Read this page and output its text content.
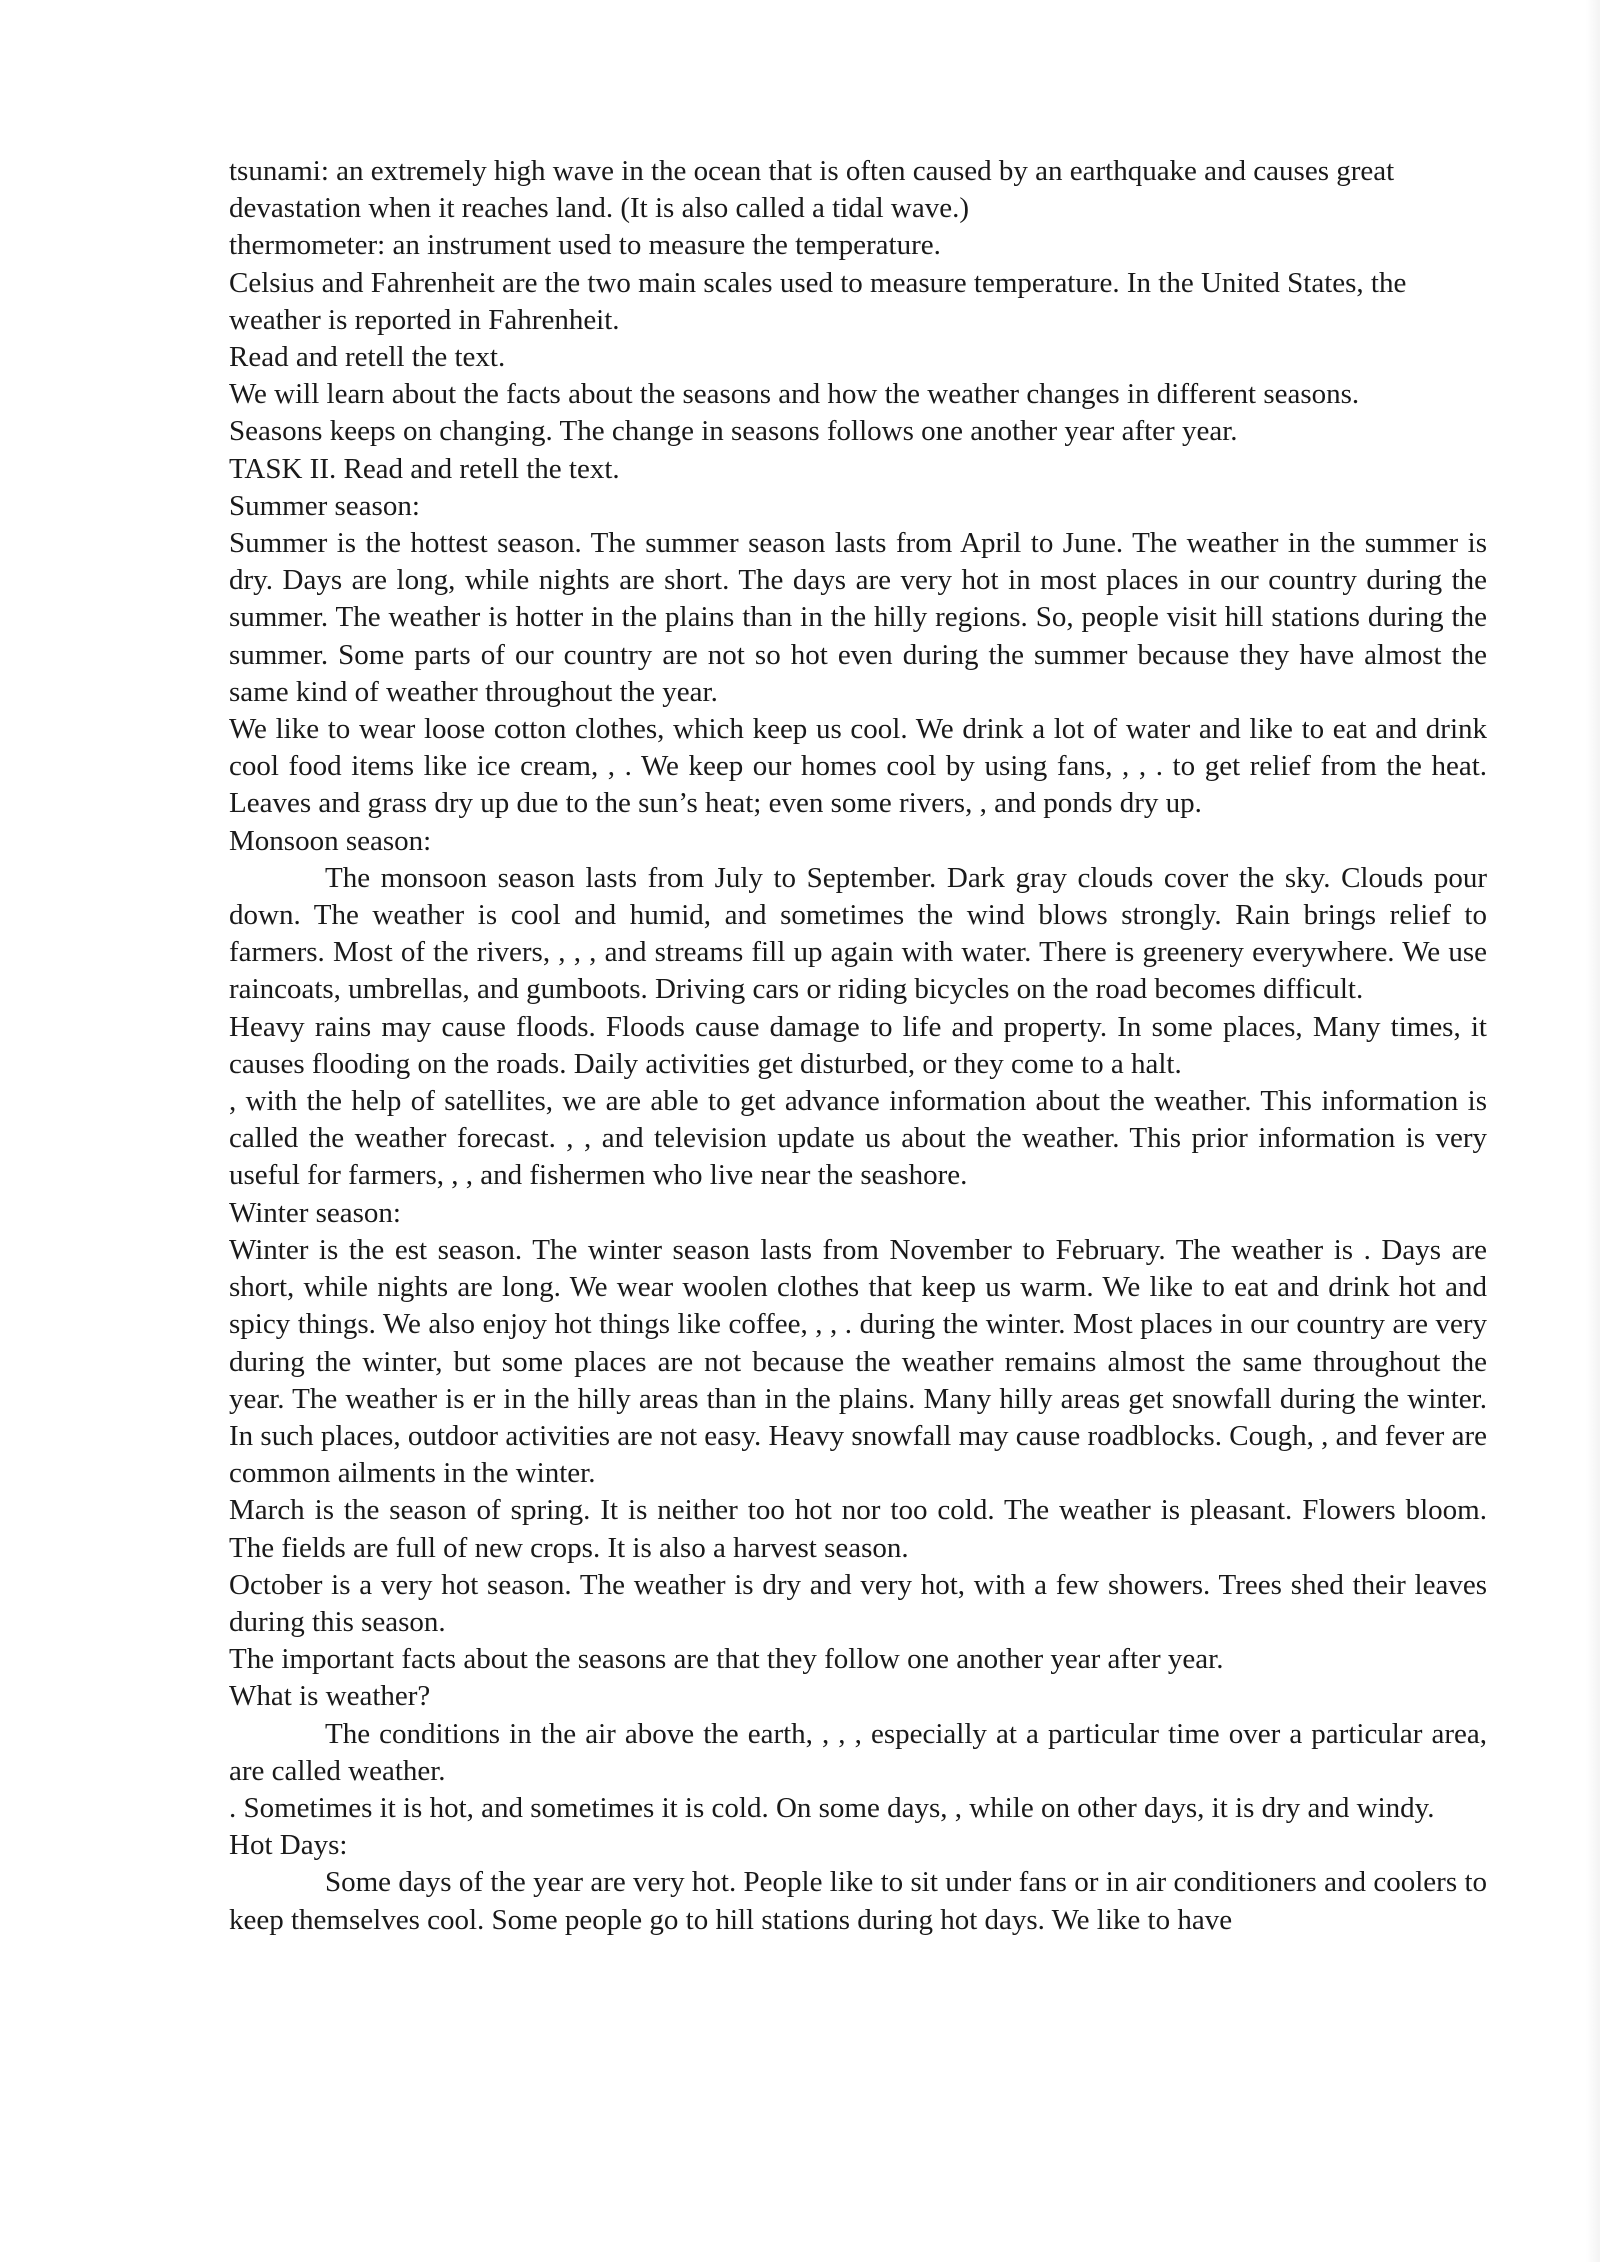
tsunami: an extremely high wave in the ocean that is often caused by an earthquake and causes great devastation when it reaches land. (It is also called a tidal wave.)

thermometer: an instrument used to measure the temperature.

Celsius and Fahrenheit are the two main scales used to measure temperature. In the United States, the weather is reported in Fahrenheit.

Read and retell the text.

We will learn about the facts about the seasons and how the weather changes in different seasons.

Seasons keeps on changing. The change in seasons follows one another year after year.

TASK II. Read and retell the text.

Summer season:

Summer is the hottest season. The summer season lasts from April to June. The weather in the summer is dry. Days are long, while nights are short. The days are very hot in most places in our country during the summer. The weather is hotter in the plains than in the hilly regions. So, people visit hill stations during the summer. Some parts of our country are not so hot even during the summer because they have almost the same kind of weather throughout the year.

We like to wear loose cotton clothes, which keep us cool. We drink a lot of water and like to eat and drink cool food items like ice cream, , . We keep our homes cool by using fans, , , . to get relief from the heat. Leaves and grass dry up due to the sun’s heat; even some rivers, , and ponds dry up.

Monsoon season:

The monsoon season lasts from July to September. Dark gray clouds cover the sky. Clouds pour down. The weather is cool and humid, and sometimes the wind blows strongly. Rain brings relief to farmers. Most of the rivers, , , , and streams fill up again with water. There is greenery everywhere. We use raincoats, umbrellas, and gumboots. Driving cars or riding bicycles on the road becomes difficult.

Heavy rains may cause floods. Floods cause damage to life and property. In some places, Many times, it causes flooding on the roads. Daily activities get disturbed, or they come to a halt.

, with the help of satellites, we are able to get advance information about the weather. This information is called the weather forecast. , , and television update us about the weather. This prior information is very useful for farmers, , , and fishermen who live near the seashore.

Winter season:

Winter is the est season. The winter season lasts from November to February. The weather is . Days are short, while nights are long. We wear woolen clothes that keep us warm. We like to eat and drink hot and spicy things. We also enjoy hot things like coffee, , , . during the winter. Most places in our country are very during the winter, but some places are not because the weather remains almost the same throughout the year. The weather is er in the hilly areas than in the plains. Many hilly areas get snowfall during the winter. In such places, outdoor activities are not easy. Heavy snowfall may cause roadblocks. Cough, , and fever are common ailments in the winter.

March is the season of spring. It is neither too hot nor too cold. The weather is pleasant. Flowers bloom. The fields are full of new crops. It is also a harvest season.

October is a very hot season. The weather is dry and very hot, with a few showers. Trees shed their leaves during this season.

The important facts about the seasons are that they follow one another year after year.

What is weather?

The conditions in the air above the earth, , , , especially at a particular time over a particular area, are called weather.

. Sometimes it is hot, and sometimes it is cold. On some days, , while on other days, it is dry and windy.

Hot Days:

Some days of the year are very hot. People like to sit under fans or in air conditioners and coolers to keep themselves cool. Some people go to hill stations during hot days. We like to have
